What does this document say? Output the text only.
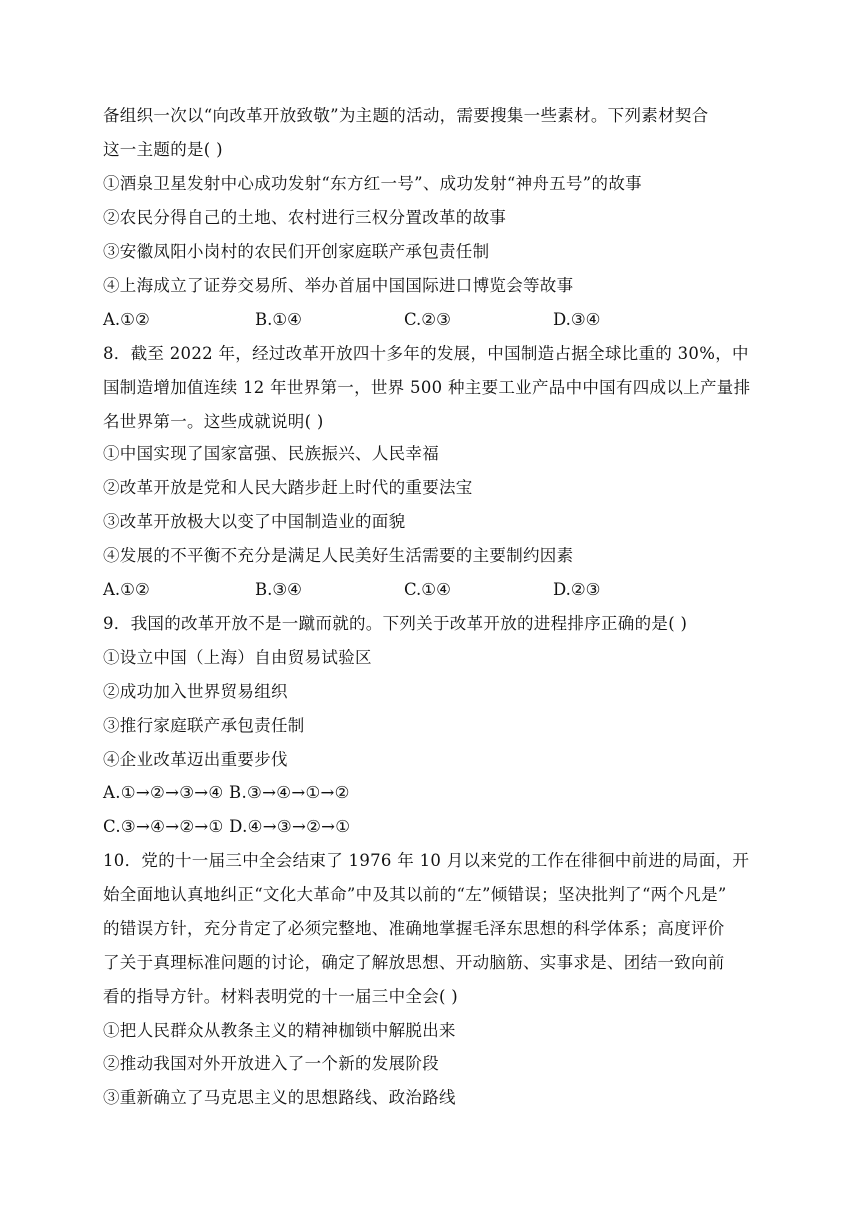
备组织一次以“向改革开放致敬”为主题的活动，需要搜集一些素材。下列素材契合
这一主题的是( )
①酒泉卫星发射中心成功发射“东方红一号”、成功发射“神舟五号”的故事
②农民分得自己的土地、农村进行三权分置改革的故事
③安徽凤阳小岗村的农民们开创家庭联产承包责任制
④上海成立了证券交易所、举办首届中国国际进口博览会等故事
A.①②	B.①④	C.②③	D.③④
8．截至 2022 年，经过改革开放四十多年的发展，中国制造占据全球比重的 30%，中
国制造增加值连续 12 年世界第一，世界 500 种主要工业产品中中国有四成以上产量排
名世界第一。这些成就说明( )
①中国实现了国家富强、民族振兴、人民幸福
②改革开放是党和人民大踏步赶上时代的重要法宝
③改革开放极大以变了中国制造业的面貌
④发展的不平衡不充分是满足人民美好生活需要的主要制约因素
A.①②	B.③④	C.①④	D.②③
9．我国的改革开放不是一蹴而就的。下列关于改革开放的进程排序正确的是( )
①设立中国（上海）自由贸易试验区
②成功加入世界贸易组织
③推行家庭联产承包责任制
④企业改革迈出重要步伐
A.①→②→③→④ B.③→④→①→②
C.③→④→②→① D.④→③→②→①
10．党的十一届三中全会结束了 1976 年 10 月以来党的工作在徘徊中前进的局面，开
始全面地认真地纠正“文化大革命”中及其以前的“左”倾错误；坚决批判了“两个凡是”
的错误方针，充分肯定了必须完整地、准确地掌握毛泽东思想的科学体系；高度评价
了关于真理标准问题的讨论，确定了解放思想、开动脑筋、实事求是、团结一致向前
看的指导方针。材料表明党的十一届三中全会( )
①把人民群众从教条主义的精神枷锁中解脱出来
②推动我国对外开放进入了一个新的发展阶段
③重新确立了马克思主义的思想路线、政治路线
